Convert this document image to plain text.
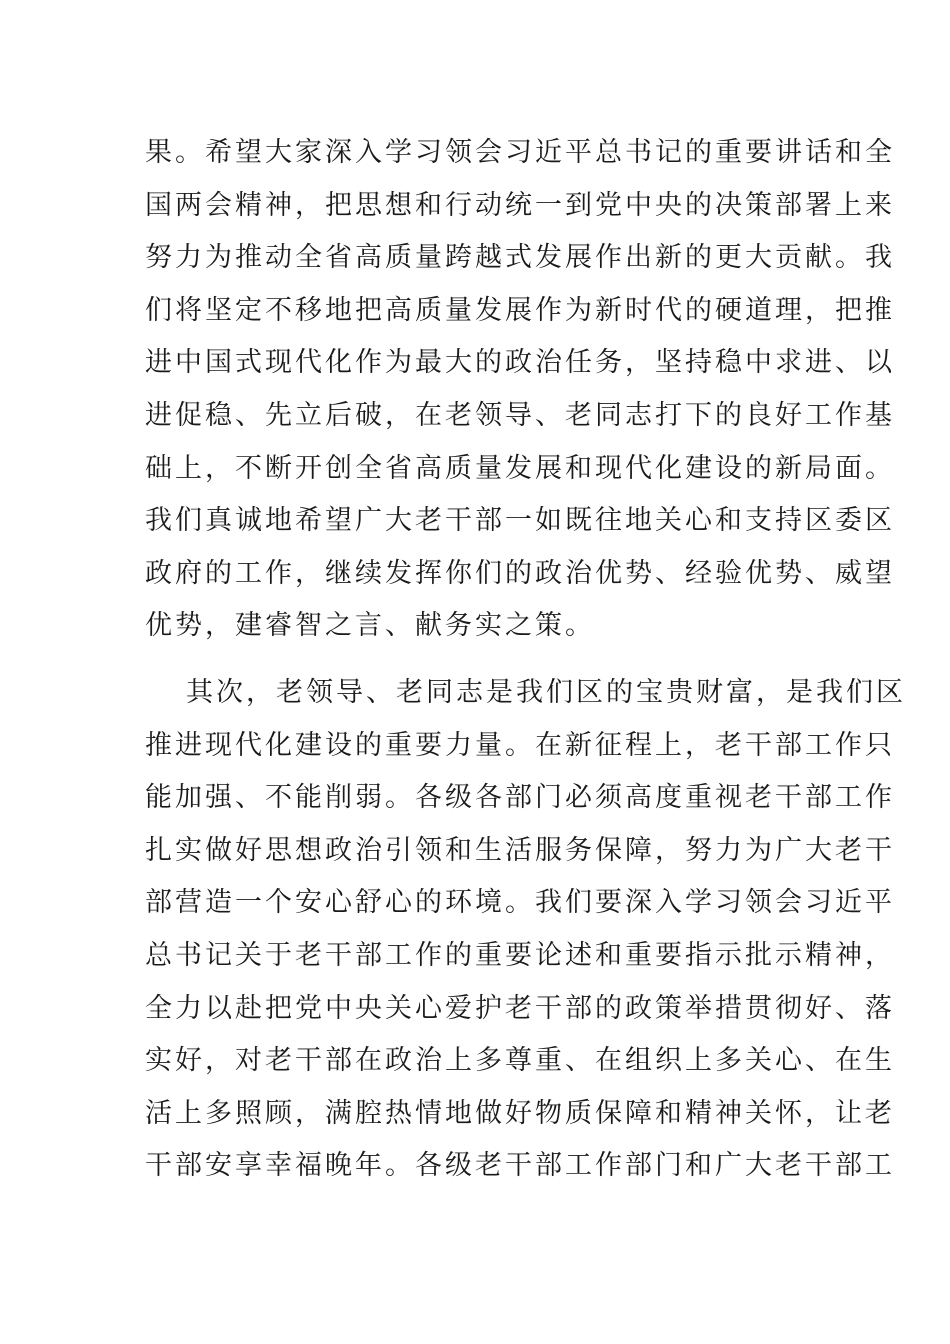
果。希望大家深入学习领会习近平总书记的重要讲话和全
国两会精神，把思想和行动统一到党中央的决策部署上来
努力为推动全省高质量跨越式发展作出新的更大贡献。我
们将坚定不移地把高质量发展作为新时代的硬道理，把推
进中国式现代化作为最大的政治任务，坚持稳中求进、以
进促稳、先立后破，在老领导、老同志打下的良好工作基
础上，不断开创全省高质量发展和现代化建设的新局面。
我们真诚地希望广大老干部一如既往地关心和支持区委区
政府的工作，继续发挥你们的政治优势、经验优势、威望
优势，建睿智之言、献务实之策。
其次，老领导、老同志是我们区的宝贵财富，是我们区
推进现代化建设的重要力量。在新征程上，老干部工作只
能加强、不能削弱。各级各部门必须高度重视老干部工作
扎实做好思想政治引领和生活服务保障，努力为广大老干
部营造一个安心舒心的环境。我们要深入学习领会习近平
总书记关于老干部工作的重要论述和重要指示批示精神，
全力以赴把党中央关心爱护老干部的政策举措贯彻好、落
实好，对老干部在政治上多尊重、在组织上多关心、在生
活上多照顾，满腔热情地做好物质保障和精神关怀，让老
干部安享幸福晚年。各级老干部工作部门和广大老干部工
